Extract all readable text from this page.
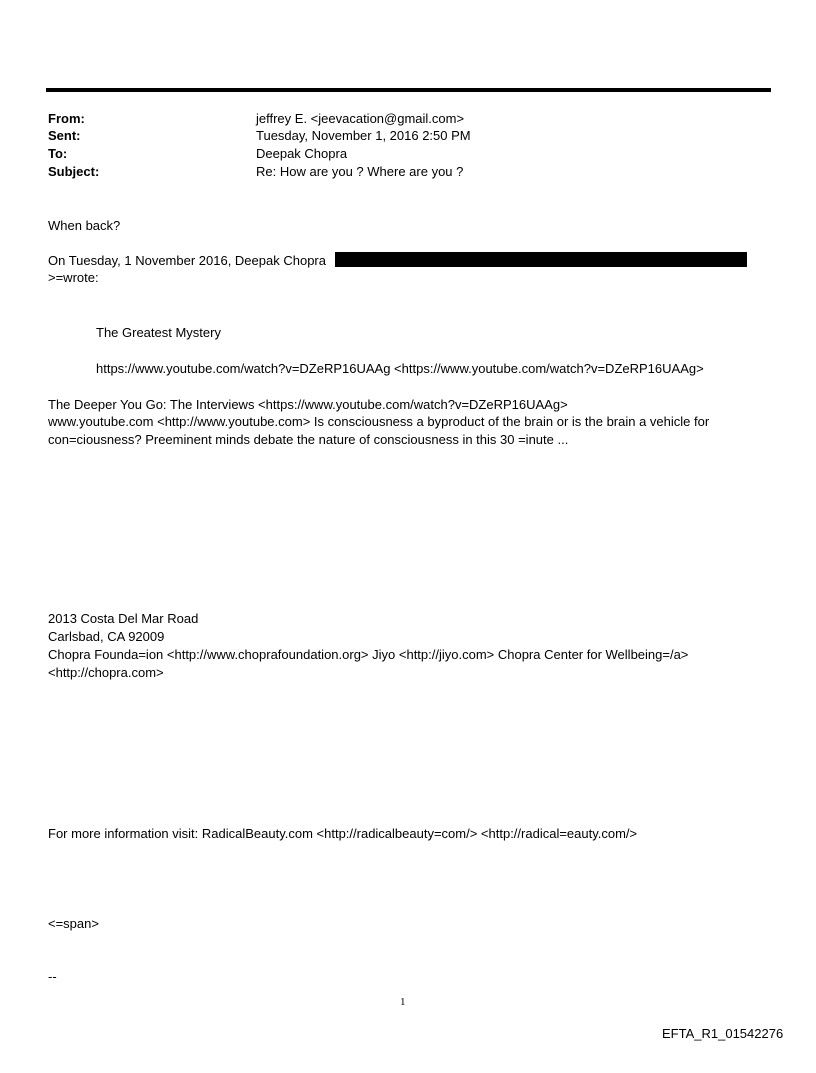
From:	jeffrey E. <jeevacation@gmail.com>
Sent:	Tuesday, November 1, 2016 2:50 PM
To:	Deepak Chopra
Subject:	Re: How are you ? Where are you ?
When back?
On Tuesday, 1 November 2016, Deepak Chopra
>=wrote:
The Greatest Mystery
https://www.youtube.com/watch?v=DZeRP16UAAg <https://www.youtube.com/watch?v=DZeRP16UAAg>
The Deeper You Go: The Interviews <https://www.youtube.com/watch?v=DZeRP16UAAg>
www.youtube.com <http://www.youtube.com> Is consciousness a byproduct of the brain or is the brain a vehicle for
con=ciousness? Preeminent minds debate the nature of consciousness in this 30 =inute ...
2013 Costa Del Mar Road
Carlsbad, CA 92009
Chopra Founda=ion <http://www.choprafoundation.org> Jiyo <http://jiyo.com> Chopra Center for Wellbeing=/a>
<http://chopra.com>
For more information visit: RadicalBeauty.com <http://radicalbeauty=com/> <http://radical=eauty.com/>
<=span>
--
1
EFTA_R1_01542276
